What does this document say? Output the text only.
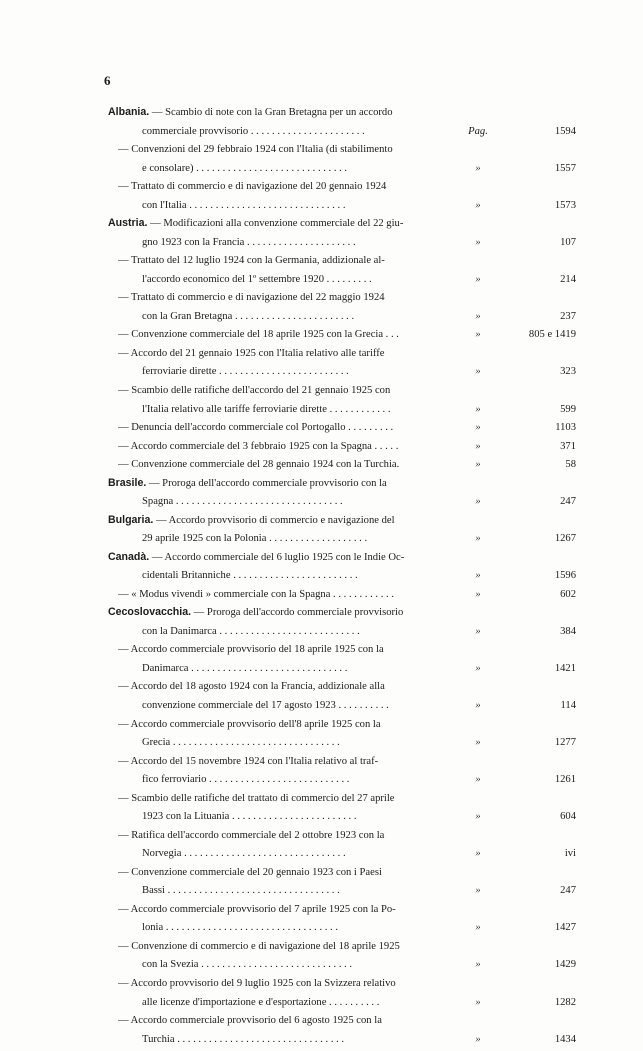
6
Albania. — Scambio di note con la Gran Bretagna per un accordo
commerciale provvisorio . . . . . . . . . . . . . . . . . . . . . .	Pag.	1594
— Convenzioni del 29 febbraio 1924 con l'Italia (di stabilimento
e consolare) . . . . . . . . . . . . . . . . . . . . . . . . . . . . .	»	1557
— Trattato di commercio e di navigazione del 20 gennaio 1924
con l'Italia . . . . . . . . . . . . . . . . . . . . . . . . . . . . . .	»	1573
Austria. — Modificazioni alla convenzione commerciale del 22 giu-
gno 1923 con la Francia . . . . . . . . . . . . . . . . . . . . .	»	107
— Trattato del 12 luglio 1924 con la Germania, addizionale al-
l'accordo economico del 1º settembre 1920 . . . . . . . . .	»	214
— Trattato di commercio e di navigazione del 22 maggio 1924
con la Gran Bretagna . . . . . . . . . . . . . . . . . . . . . . .	»	237
— Convenzione commerciale del 18 aprile 1925 con la Grecia . . .	»	805 e 1419
— Accordo del 21 gennaio 1925 con l'Italia relativo alle tariffe
ferroviarie dirette . . . . . . . . . . . . . . . . . . . . . . . . .	»	323
— Scambio delle ratifiche dell'accordo del 21 gennaio 1925 con
l'Italia relativo alle tariffe ferroviarie dirette . . . . . . . . . . . .	»	599
— Denuncia dell'accordo commerciale col Portogallo . . . . . . . . .	»	1103
— Accordo commerciale del 3 febbraio 1925 con la Spagna . . . . .	»	371
— Convenzione commerciale del 28 gennaio 1924 con la Turchia.	»	58
Brasile. — Proroga dell'accordo commerciale provvisorio con la
Spagna . . . . . . . . . . . . . . . . . . . . . . . . . . . . . . . .	»	247
Bulgaria. — Accordo provvisorio di commercio e navigazione del
29 aprile 1925 con la Polonia . . . . . . . . . . . . . . . . . . .	»	1267
Canadà. — Accordo commerciale del 6 luglio 1925 con le Indie Oc-
cidentali Britanniche . . . . . . . . . . . . . . . . . . . . . . . .	»	1596
— « Modus vivendi » commerciale con la Spagna . . . . . . . . . . . .	»	602
Cecoslovacchia. — Proroga dell'accordo commerciale provvisorio
con la Danimarca . . . . . . . . . . . . . . . . . . . . . . . . . . .	»	384
— Accordo commerciale provvisorio del 18 aprile 1925 con la
Danimarca . . . . . . . . . . . . . . . . . . . . . . . . . . . . . .	»	1421
— Accordo del 18 agosto 1924 con la Francia, addizionale alla
convenzione commerciale del 17 agosto 1923 . . . . . . . . . .	»	114
— Accordo commerciale provvisorio dell'8 aprile 1925 con la
Grecia . . . . . . . . . . . . . . . . . . . . . . . . . . . . . . . .	»	1277
— Accordo del 15 novembre 1924 con l'Italia relativo al traf-
fico ferroviario . . . . . . . . . . . . . . . . . . . . . . . . . . .	»	1261
— Scambio delle ratifiche del trattato di commercio del 27 aprile
1923 con la Lituania . . . . . . . . . . . . . . . . . . . . . . . .	»	604
— Ratifica dell'accordo commerciale del 2 ottobre 1923 con la
Norvegia . . . . . . . . . . . . . . . . . . . . . . . . . . . . . . .	»	ivi
— Convenzione commerciale del 20 gennaio 1923 con i Paesi
Bassi . . . . . . . . . . . . . . . . . . . . . . . . . . . . . . . . .	»	247
— Accordo commerciale provvisorio del 7 aprile 1925 con la Po-
lonia . . . . . . . . . . . . . . . . . . . . . . . . . . . . . . . . .	»	1427
— Convenzione di commercio e di navigazione del 18 aprile 1925
con la Svezia . . . . . . . . . . . . . . . . . . . . . . . . . . . . .	»	1429
— Accordo provvisorio del 9 luglio 1925 con la Svizzera relativo
alle licenze d'importazione e d'esportazione . . . . . . . . . .	»	1282
— Accordo commerciale provvisorio del 6 agosto 1925 con la
Turchia . . . . . . . . . . . . . . . . . . . . . . . . . . . . . . . .	»	1434
